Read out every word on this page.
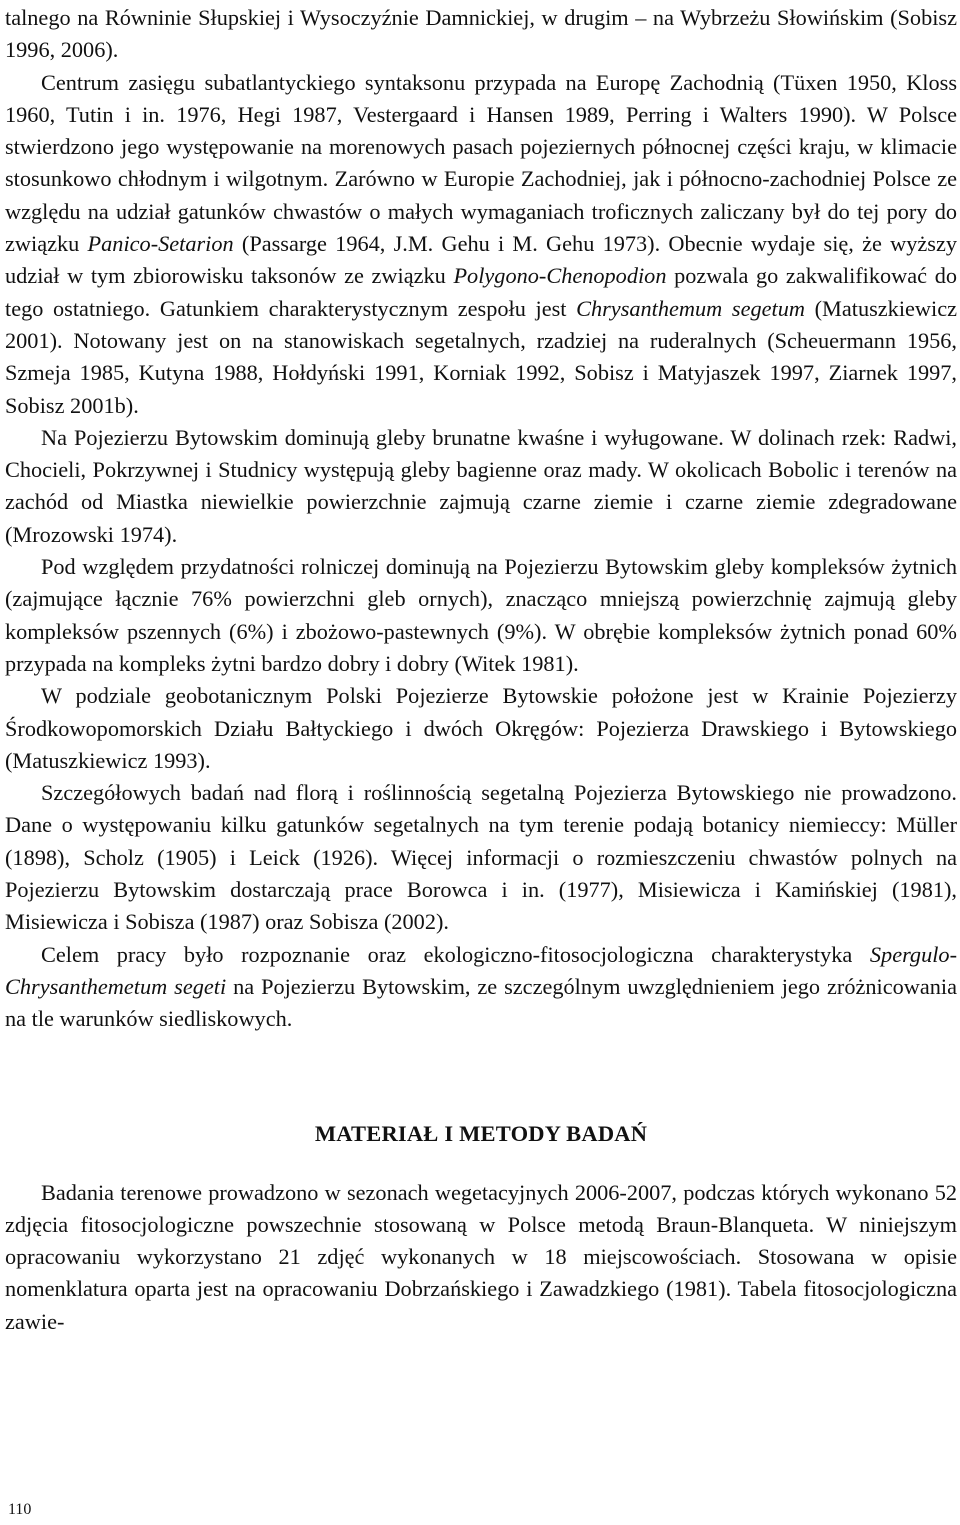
talnego na Równinie Słupskiej i Wysoczyźnie Damnickiej, w drugim – na Wybrzeżu Słowińskim (Sobisz 1996, 2006).

Centrum zasięgu subatlantyckiego syntaksonu przypada na Europę Zachodnią (Tüxen 1950, Kloss 1960, Tutin i in. 1976, Hegi 1987, Vestergaard i Hansen 1989, Perring i Walters 1990). W Polsce stwierdzono jego występowanie na morenowych pasach pojeziernych północnej części kraju, w klimacie stosunkowo chłodnym i wilgotnym. Zarówno w Europie Zachodniej, jak i północno-zachodniej Polsce ze względu na udział gatunków chwastów o małych wymaganiach troficznych zaliczany był do tej pory do związku Panico-Setarion (Passarge 1964, J.M. Gehu i M. Gehu 1973). Obecnie wydaje się, że wyższy udział w tym zbiorowisku taksonów ze związku Polygono-Chenopodion pozwala go zakwalifikować do tego ostatniego. Gatunkiem charakterystycznym zespołu jest Chrysanthemum segetum (Matuszkiewicz 2001). Notowany jest on na stanowiskach segetalnych, rzadziej na ruderalnych (Scheuermann 1956, Szmeja 1985, Kutyna 1988, Hołdyński 1991, Korniak 1992, Sobisz i Matyjaszek 1997, Ziarnek 1997, Sobisz 2001b).

Na Pojezierzu Bytowskim dominują gleby brunatne kwaśne i wyługowane. W dolinach rzek: Radwi, Chocieli, Pokrzywnej i Studnicy występują gleby bagienne oraz mady. W okolicach Bobolic i terenów na zachód od Miastka niewielkie powierzchnie zajmują czarne ziemie i czarne ziemie zdegradowane (Mrozowski 1974).

Pod względem przydatności rolniczej dominują na Pojezierzu Bytowskim gleby kompleksów żytnich (zajmujące łącznie 76% powierzchni gleb ornych), znacząco mniejszą powierzchnię zajmują gleby kompleksów pszennych (6%) i zbożowo-pastewnych (9%). W obrębie kompleksów żytnich ponad 60% przypada na kompleks żytni bardzo dobry i dobry (Witek 1981).

W podziale geobotanicznym Polski Pojezierze Bytowskie położone jest w Krainie Pojezierzy Środkowopomorskich Działu Bałtyckiego i dwóch Okręgów: Pojezierza Drawskiego i Bytowskiego (Matuszkiewicz 1993).

Szczegółowych badań nad florą i roślinnością segetalną Pojezierza Bytowskiego nie prowadzono. Dane o występowaniu kilku gatunków segetalnych na tym terenie podają botanicy niemieccy: Müller (1898), Scholz (1905) i Leick (1926). Więcej informacji o rozmieszczeniu chwastów polnych na Pojezierzu Bytowskim dostarczają prace Borowca i in. (1977), Misiewicza i Kamińskiej (1981), Misiewicza i Sobisza (1987) oraz Sobisza (2002).

Celem pracy było rozpoznanie oraz ekologiczno-fitosocjologiczna charakterystyka Spergulo-Chrysanthemetum segeti na Pojezierzu Bytowskim, ze szczególnym uwzględnieniem jego zróżnicowania na tle warunków siedliskowych.

MATERIAŁ I METODY BADAŃ

Badania terenowe prowadzono w sezonach wegetacyjnych 2006-2007, podczas których wykonano 52 zdjęcia fitosocjologiczne powszechnie stosowaną w Polsce metodą Braun-Blanqueta. W niniejszym opracowaniu wykorzystano 21 zdjęć wykonanych w 18 miejscowościach. Stosowana w opisie nomenklatura oparta jest na opracowaniu Dobrzańskiego i Zawadzkiego (1981). Tabela fitosocjologiczna zawie-

110
